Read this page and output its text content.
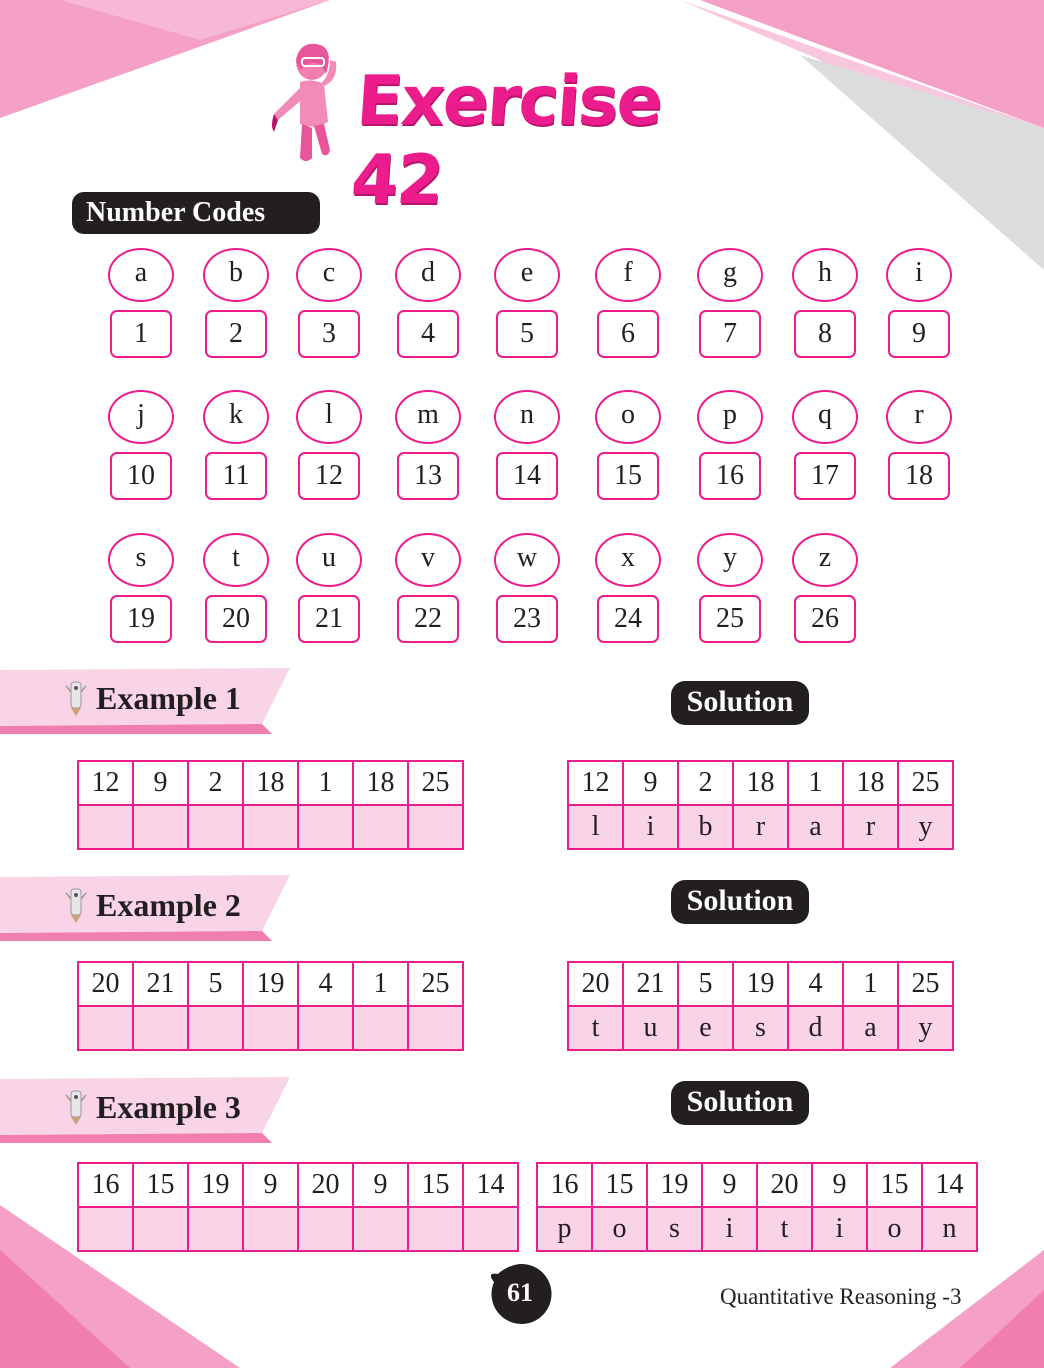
Exercise 42
Number Codes
a
1
b
2
c
3
d
4
e
5
f
6
g
7
h
8
i
9
j
10
k
11
l
12
m
13
n
14
o
15
p
16
q
17
r
18
s
19
t
20
u
21
v
22
w
23
x
24
y
25
z
26
Example 1	Solution
12	9	2	18	1	18	25
							12	9	2	18	1	18	25
l	i	b	r	a	r	y
Example 2	Solution
20	21	5	19	4	1	25
							20	21	5	19	4	1	25
t	u	e	s	d	a	y
Example 3	Solution
16	15	19	9	20	9	15	14
							16	15	19	9	20	9	15	14
p	o	s	i	t	i	o	n
61	Quantitative Reasoning -3
